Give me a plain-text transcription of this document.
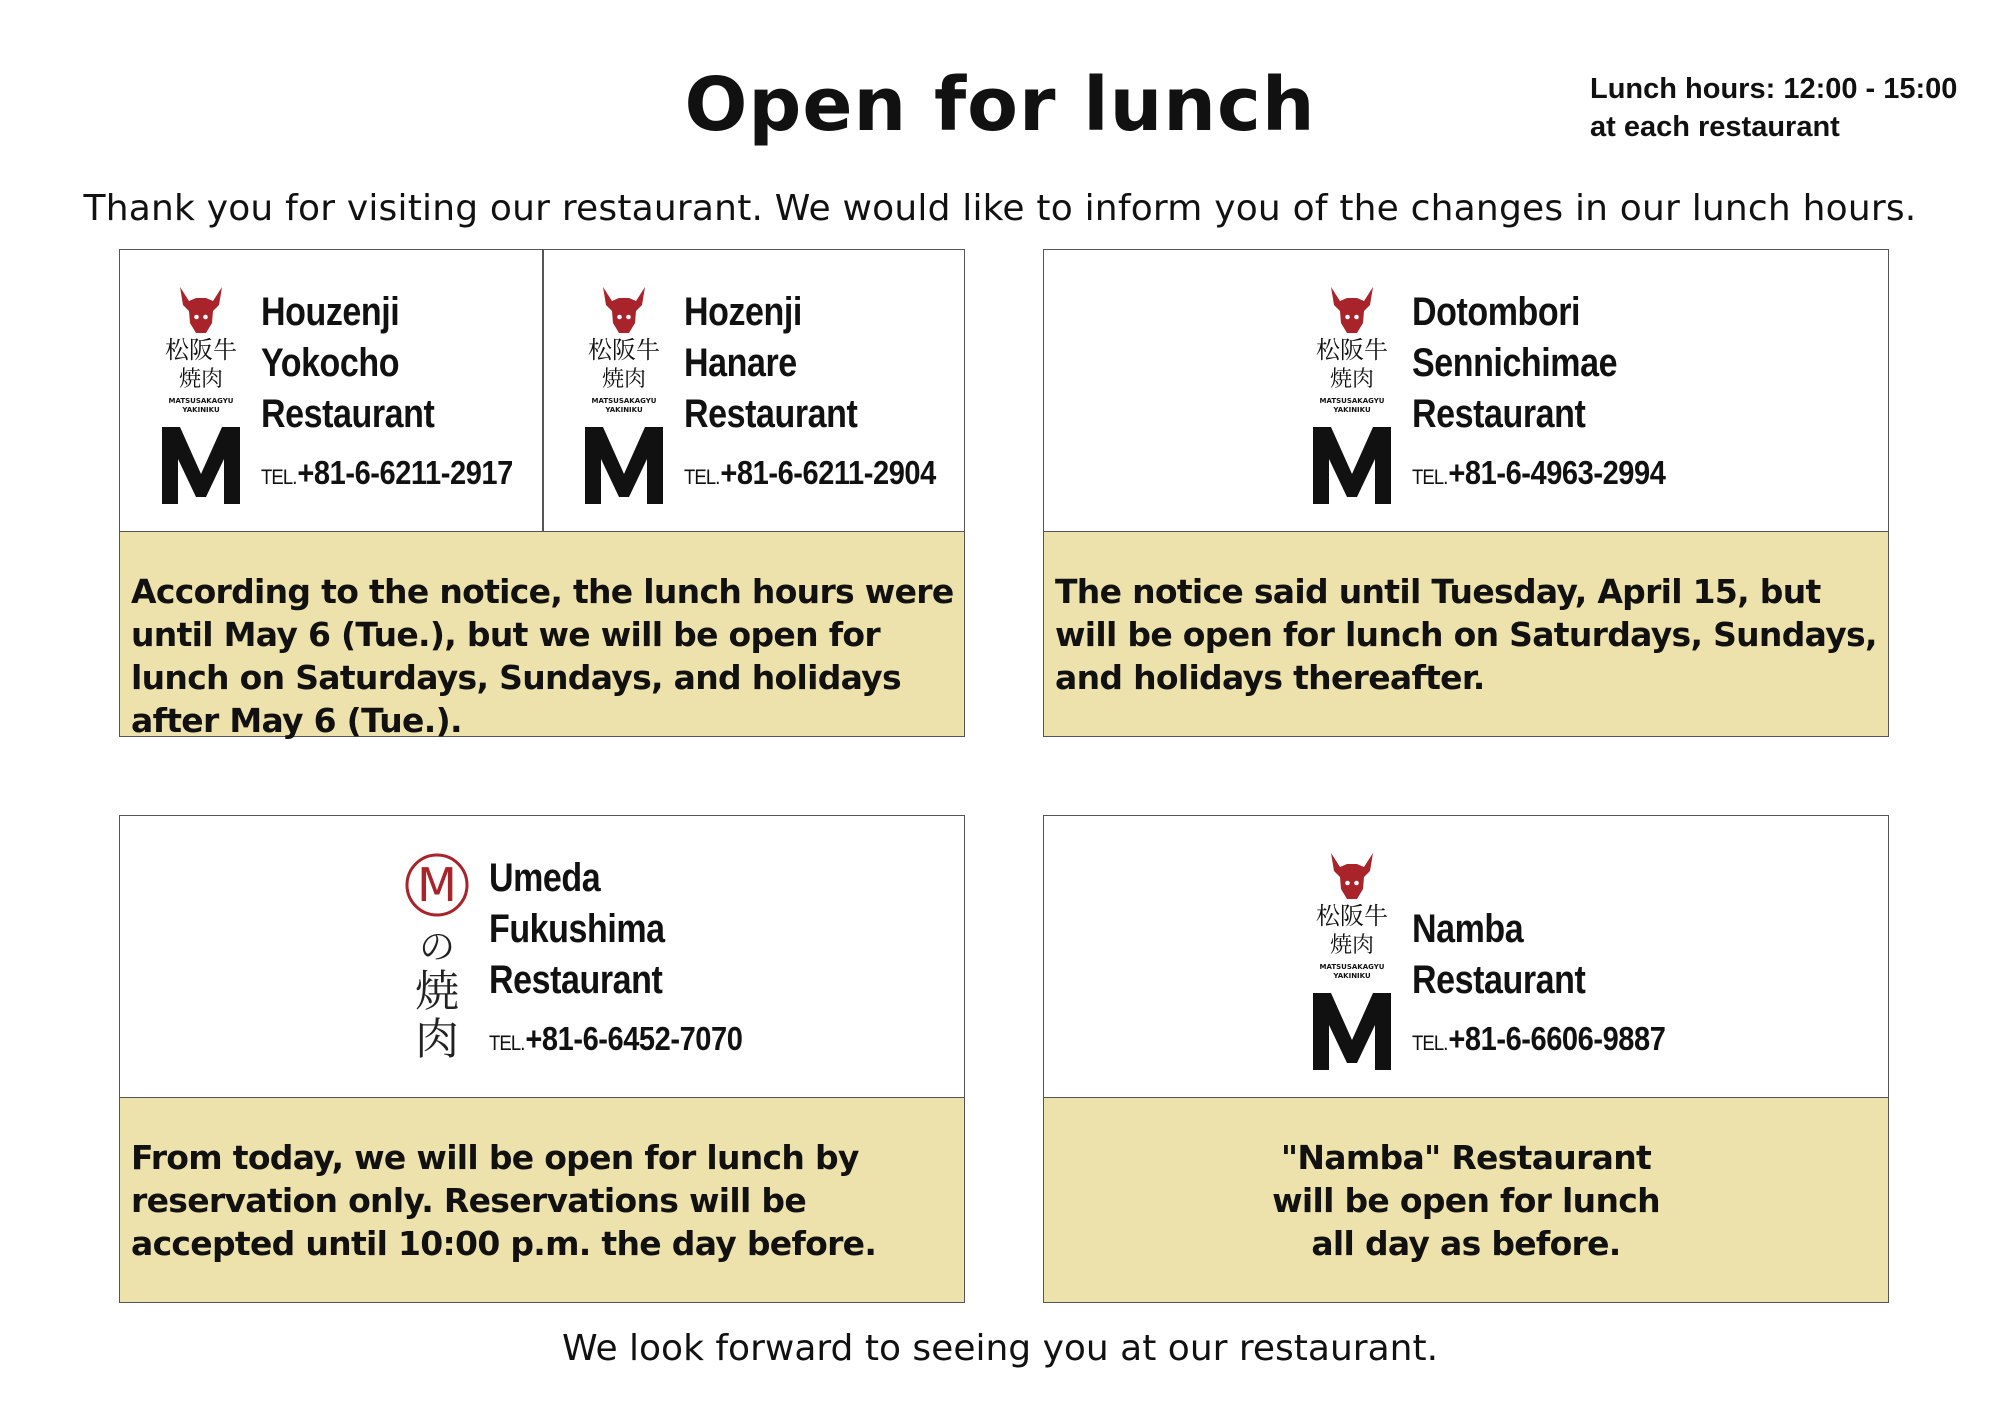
Open for lunch	Lunch hours: 12:00 - 15:00
at each restaurant
Thank you for visiting our restaurant. We would like to inform you of the changes in our lunch hours.
松阪牛
焼肉
MATSUSAKAGYU
YAKINIKU
Houzenji
Yokocho
Restaurant
TEL.+81-6-6211-2917
松阪牛
焼肉
MATSUSAKAGYU
YAKINIKU
Hozenji
Hanare
Restaurant
TEL.+81-6-6211-2904
According to the notice, the lunch hours were until May 6 (Tue.), but we will be open for lunch on Saturdays, Sundays, and holidays after May 6 (Tue.).
松阪牛
焼肉
MATSUSAKAGYU
YAKINIKU
Dotombori
Sennichimae
Restaurant
TEL.+81-6-4963-2994
The notice said until Tuesday, April 15, but will be open for lunch on Saturdays, Sundays, and holidays thereafter.
M
の
焼
肉
Umeda
Fukushima
Restaurant
TEL.+81-6-6452-7070
From today, we will be open for lunch by reservation only. Reservations will be accepted until 10:00 p.m. the day before.
松阪牛
焼肉
MATSUSAKAGYU
YAKINIKU
Namba
Restaurant
TEL.+81-6-6606-9887
"Namba" Restaurant
will be open for lunch
all day as before.
We look forward to seeing you at our restaurant.
